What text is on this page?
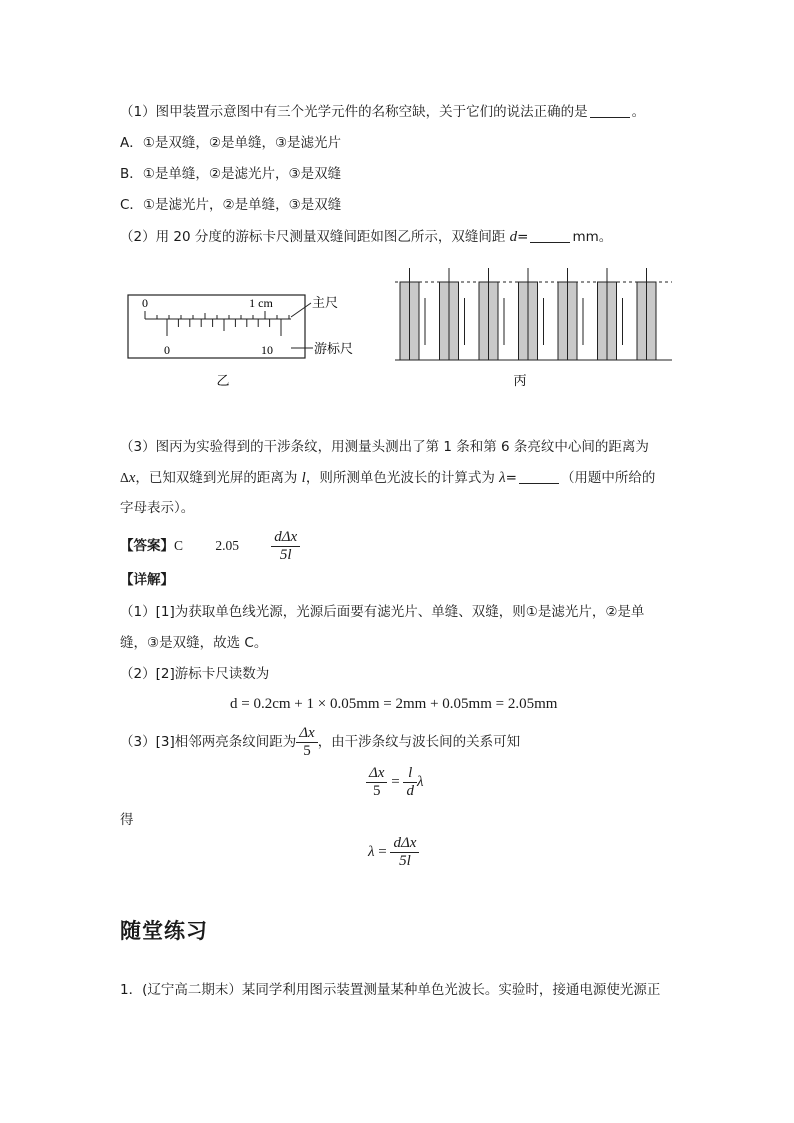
（1）图甲装置示意图中有三个光学元件的名称空缺，关于它们的说法正确的是	。
A．①是双缝，②是单缝，③是滤光片
B．①是单缝，②是滤光片，③是双缝
C．①是滤光片，②是单缝，③是双缝
（2）用 20 分度的游标卡尺测量双缝间距如图乙所示，双缝间距 d=	mm。
0	1 cm
0	10
主尺
游标尺
乙	丙
（3）图丙为实验得到的干涉条纹，用测量头测出了第 1 条和第 6 条亮纹中心间的距离为
Δx，已知双缝到光屏的距离为 l，则所测单色光波长的计算式为 λ=	（用题中所给的
字母表示）。
【答案】C $2.05 \frac{\text{dΔx}}{5l}$
【详解】
（1）[1]为获取单色线光源，光源后面要有滤光片、单缝、双缝，则①是滤光片，②是单
缝，③是双缝，故选 C。
（2）[2]游标卡尺读数为
d = 0.2cm + 1 × 0.05mm = 2mm + 0.05mm = 2.05mm
（3）[3]相邻两亮条纹间距为 $\frac{\Delta x}{5}$ ，由干涉条纹与波长间的关系可知
$\frac{\Delta x}{5} = \frac{l}{d}$ λ
得
$\lambda = \frac{\text{dΔx}}{5l}$
随堂练习
1．(辽宁高二期末）某同学利用图示装置测量某种单色光波长。实验时，接通电源使光源正
